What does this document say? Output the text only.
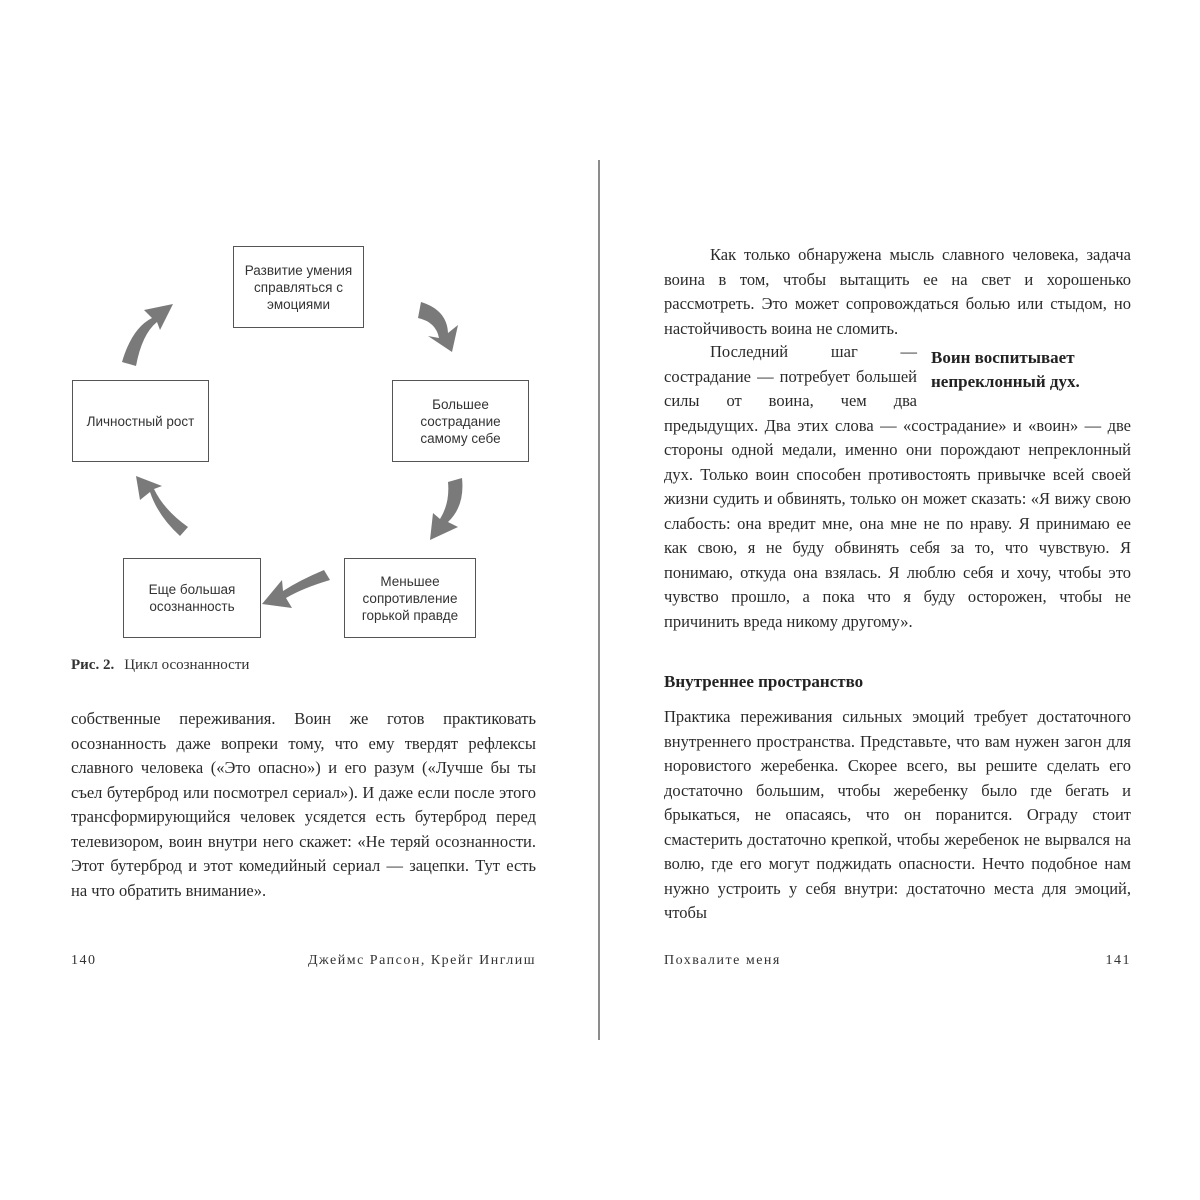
Развитие умения справляться с эмоциями
Большее сострадание самому себе
Меньшее сопротивление горькой правде
Еще большая осознанность
Личностный рост
Рис. 2. Цикл осознанности

собственные переживания. Воин же готов практиковать осознанность даже вопреки тому, что ему твердят рефлексы славного человека («Это опасно») и его разум («Лучше бы ты съел бутерброд или посмотрел сериал»). И даже если после этого трансформирующийся человек усядется есть бутерброд перед телевизором, воин внутри него скажет: «Не теряй осознанности. Этот бутерброд и этот комедийный сериал — зацепки. Тут есть на что обратить внимание».

140	Джеймс Рапсон, Крейг Инглиш

Как только обнаружена мысль славного человека, задача воина в том, чтобы вытащить ее на свет и хорошенько рассмотреть. Это может сопровождаться болью или стыдом, но настойчивость воина не сломить.

Воин воспитывает непреклонный дух.
Последний шаг — сострадание — потребует большей силы от воина, чем два предыдущих. Два этих слова — «сострадание» и «воин» — две стороны одной медали, именно они порождают непреклонный дух. Только воин способен противостоять привычке всей своей жизни судить и обвинять, только он может сказать: «Я вижу свою слабость: она вредит мне, она мне не по нраву. Я принимаю ее как свою, я не буду обвинять себя за то, что чувствую. Я понимаю, откуда она взялась. Я люблю себя и хочу, чтобы это чувство прошло, а пока что я буду осторожен, чтобы не причинить вреда никому другому».

Внутреннее пространство

Практика переживания сильных эмоций требует достаточного внутреннего пространства. Представьте, что вам нужен загон для норовистого жеребенка. Скорее всего, вы решите сделать его достаточно большим, чтобы жеребенку было где бегать и брыкаться, не опасаясь, что он поранится. Ограду стоит смастерить достаточно крепкой, чтобы жеребенок не вырвался на волю, где его могут поджидать опасности. Нечто подобное нам нужно устроить у себя внутри: достаточно места для эмоций, чтобы

Похвалите меня	141
